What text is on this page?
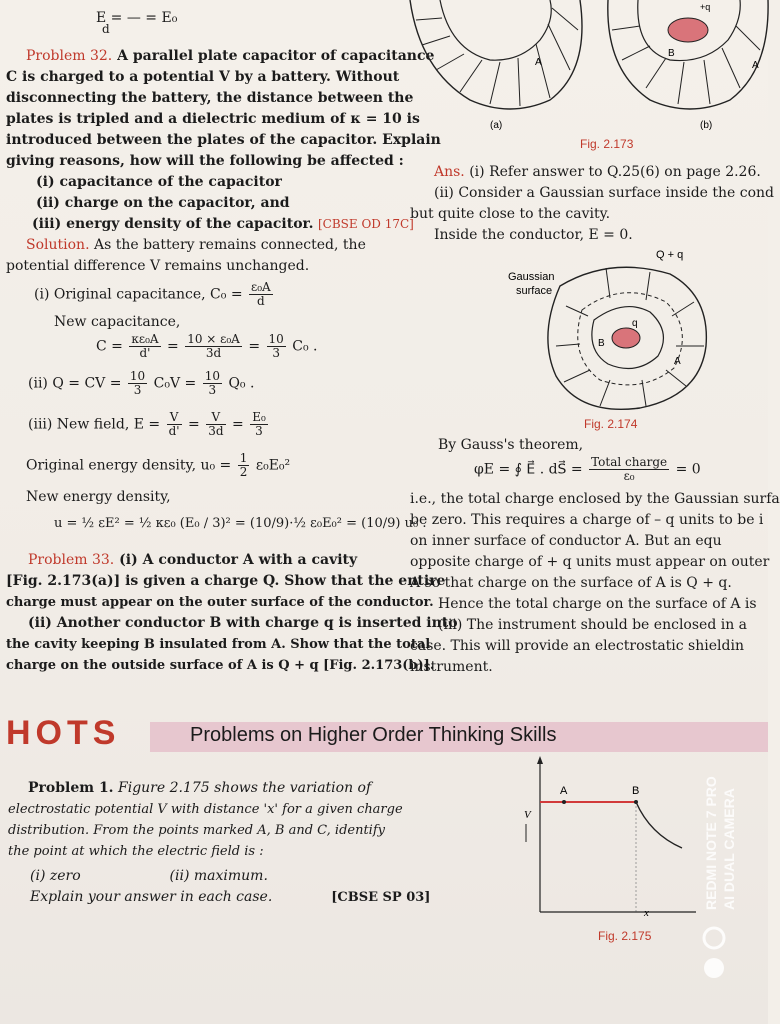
E = — = E₀
d
Problem 32. A parallel plate capacitor of capacitance
C is charged to a potential V by a battery. Without
disconnecting the battery, the distance between the
plates is tripled and a dielectric medium of κ = 10 is
introduced between the plates of the capacitor. Explain
giving reasons, how will the following be affected :
(i) capacitance of the capacitor
(ii) charge on the capacitor, and
(iii) energy density of the capacitor. [CBSE OD 17C]
Solution. As the battery remains connected, the
potential difference V remains unchanged.
(i) Original capacitance, $C_0 = \frac{\text{ε₀A}}{d}$
New capacitance,
$C = \frac{\text{κε₀A}}{d'} = \frac{\text{10 × ε₀A}}{3d} = \frac{10}{3} C_0$ .
(ii) Q = CV = $\frac{10}{3} C_0V = \frac{10}{3} Q_0$ .
(iii) New field, $E = \frac{V}{d'} = \frac{V}{3d} = \frac{\text{E₀}}{3}$
Original energy density, $u_0 = \frac{1}{2} \varepsilon_0E_0^2$
New energy density,
u = ½ εE² = ½ κε₀ (E₀ / 3)² = (10/9)·½ ε₀E₀² = (10/9) u₀ .
Problem 33. (i) A conductor A with a cavity
[Fig. 2.173(a)] is given a charge Q. Show that the entire
charge must appear on the outer surface of the conductor.
(ii) Another conductor B with charge q is inserted into
the cavity keeping B insulated from A. Show that the total
charge on the outside surface of A is Q + q [Fig. 2.173(b)].
A
(a)
B
A
+q
(b)
Fig. 2.173
Ans. (i) Refer answer to Q.25(6) on page 2.26.
(ii) Consider a Gaussian surface inside the cond
but quite close to the cavity.
Inside the conductor, E = 0.
Q + q
Gaussian
surface
q
B
A
Fig. 2.174
By Gauss's theorem,
φE = ∮ E⃗ . dS⃗ = $\frac{\text{Total charge}}{\text{ε₀}} = 0$
i.e., the total charge enclosed by the Gaussian surfa
be zero. This requires a charge of – q units to be i
on inner surface of conductor A. But an equ
opposite charge of + q units must appear on outer
A so that charge on the surface of A is Q + q.
Hence the total charge on the surface of A is
(iii) The instrument should be enclosed in a
case. This will provide an electrostatic shieldin
instrument.
HOTS	Problems on Higher Order Thinking Skills
Problem 1. Figure 2.175 shows the variation of
electrostatic potential V with distance 'x' for a given charge
distribution. From the points marked A, B and C, identify
the point at which the electric field is :
(i) zero	(ii) maximum.
Explain your answer in each case.	[CBSE SP 03]
A	B
V
x
Fig. 2.175
REDMI NOTE 7 PRO AI DUAL CAMERA
